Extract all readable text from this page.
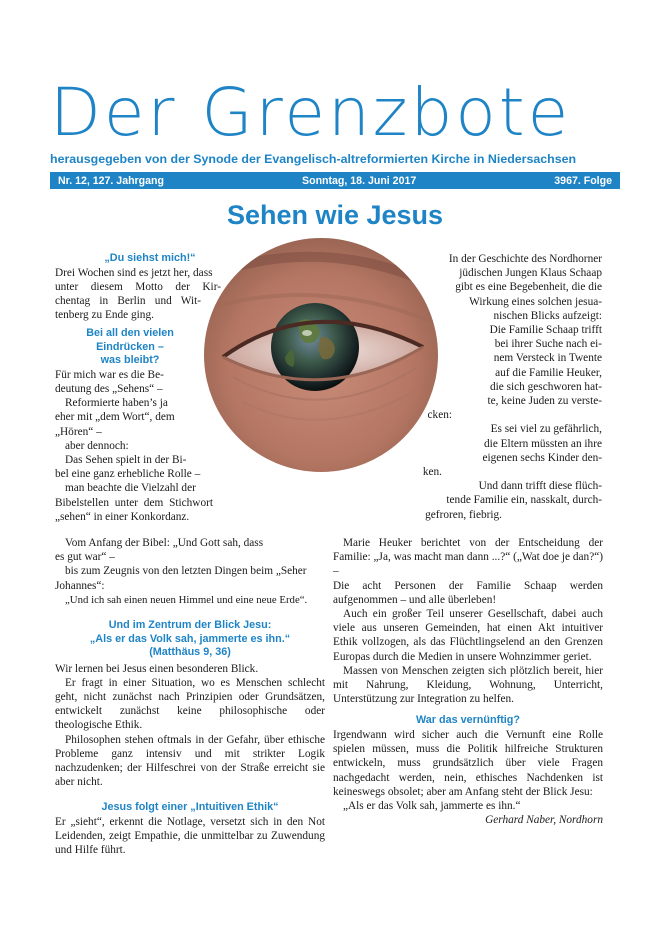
Der Grenzbote
herausgegeben von der Synode der Evangelisch-altreformierten Kirche in Niedersachsen
Nr. 12, 127. Jahrgang	Sonntag, 18. Juni 2017	3967. Folge
Sehen wie Jesus

„Du siehst mich!“

Drei Wochen sind es jetzt her, dass

unter diesem Motto der Kir-

chentag in Berlin und Wit-

tenberg zu Ende ging.

Bei all den vielen

Eindrücken –

was bleibt?

Für mich war es die Be-

deutung des „Sehens“ –

Reformierte haben’s ja

eher mit „dem Wort“, dem

„Hören“ –

aber dennoch:

Das Sehen spielt in der Bi-

bel eine ganz erhebliche Rolle –

man beachte die Vielzahl der

Bibelstellen unter dem Stichwort

„sehen“ in einer Konkordanz.

Vom Anfang der Bibel: „Und Gott sah, dass

es gut war“ –

bis zum Zeugnis von den letzten Dingen beim „Seher

Johannes“:

„Und ich sah einen neuen Himmel und eine neue Erde“.

Und im Zentrum der Blick Jesu:

„Als er das Volk sah, jammerte es ihn.“

(Matthäus 9, 36)

Wir lernen bei Jesus einen besonderen Blick.

Er fragt in einer Situation, wo es Menschen schlecht geht, nicht zunächst nach Prinzipien oder Grundsätzen, entwickelt zunächst keine philosophische oder theologische Ethik.

Philosophen stehen oftmals in der Gefahr, über ethische Probleme ganz intensiv und mit strikter Logik nachzudenken; der Hilfeschrei von der Straße erreicht sie aber nicht.

Jesus folgt einer „Intuitiven Ethik“

Er „sieht“, erkennt die Notlage, versetzt sich in den Not Leidenden, zeigt Empathie, die unmittelbar zu Zuwendung und Hilfe führt.

In der Geschichte des Nordhorner

jüdischen Jungen Klaus Schaap

gibt es eine Begebenheit, die die

Wirkung eines solchen jesua-

nischen Blicks aufzeigt:

Die Familie Schaap trifft

bei ihrer Suche nach ei-

nem Versteck in Twente

auf die Familie Heuker,

die sich geschworen hat-

te, keine Juden zu verste-

cken:

Es sei viel zu gefährlich,

die Eltern müssten an ihre

eigenen sechs Kinder den-

ken.

Und dann trifft diese flüch-

tende Familie ein, nasskalt, durch-

gefroren, fiebrig.

Marie Heuker berichtet von der Entscheidung der Familie: „Ja, was macht man dann ...?“ („Wat doe je dan?“) –

Die acht Personen der Familie Schaap werden aufgenommen – und alle überleben!

Auch ein großer Teil unserer Gesellschaft, dabei auch viele aus unseren Gemeinden, hat einen Akt intuitiver Ethik vollzogen, als das Flüchtlingselend an den Grenzen Europas durch die Medien in unsere Wohnzimmer geriet.

Massen von Menschen zeigten sich plötzlich bereit, hier mit Nahrung, Kleidung, Wohnung, Unterricht, Unterstützung zur Integration zu helfen.

War das vernünftig?

Irgendwann wird sicher auch die Vernunft eine Rolle spielen müssen, muss die Politik hilfreiche Strukturen entwickeln, muss grundsätzlich über viele Fragen nachgedacht werden, nein, ethisches Nachdenken ist keineswegs obsolet; aber am Anfang steht der Blick Jesu:

„Als er das Volk sah, jammerte es ihn.“

Gerhard Naber, Nordhorn
